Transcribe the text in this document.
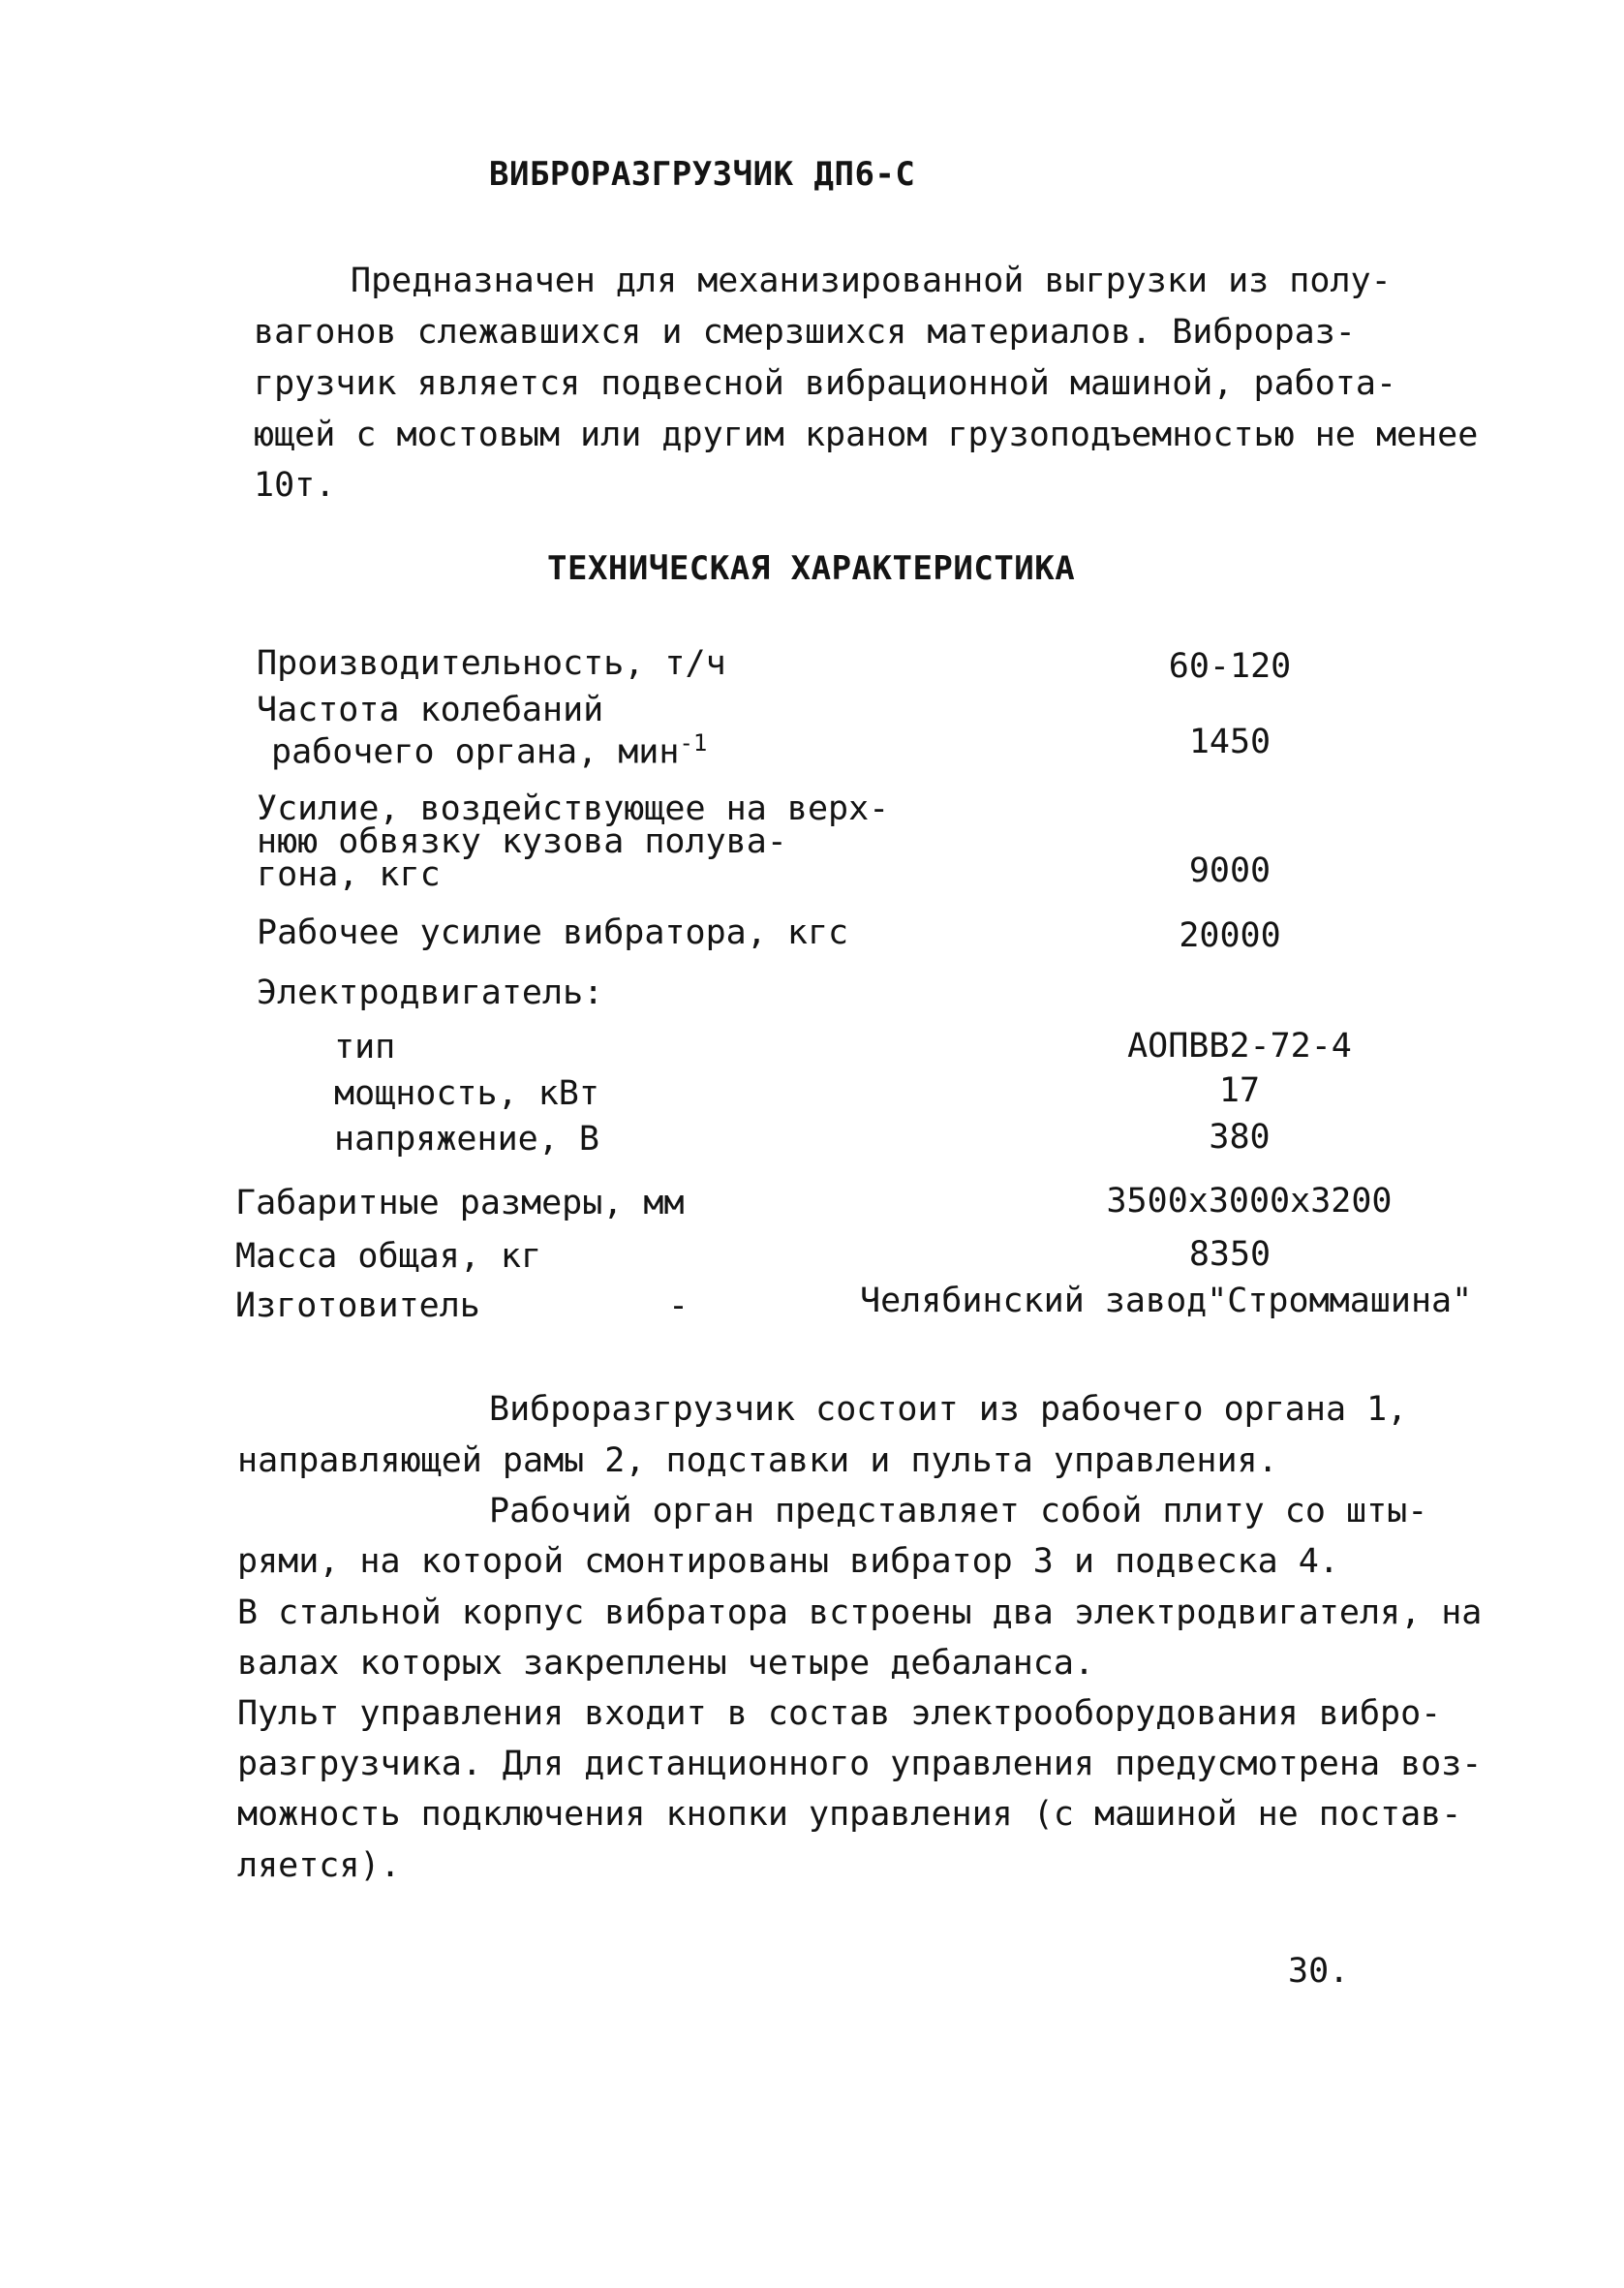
ВИБРОРАЗГРУЗЧИК ДП6-С
Предназначен для механизированной выгрузки из полу-
вагонов слежавшихся и смерзшихся материалов. Виброраз-
грузчик является подвесной вибрационной машиной, работа-
ющей с мостовым или другим краном грузоподъемностью не менее
10т.
ТЕХНИЧЕСКАЯ ХАРАКТЕРИСТИКА
Производительность, т/ч	60-120
Частота колебаний
рабочего органа, мин$^{-1}$	1450
Усилие, воздействующее на верх-
нюю обвязку кузова полува-
гона, кгс	9000
Рабочее усилие вибратора, кгс	20000
Электродвигатель:
тип	АОПВВ2-72-4
мощность, кВт	17
напряжение, В	380
Габаритные размеры, мм	3500x3000x3200
Масса общая, кг	8350
Изготовитель	-	Челябинский завод"Строммашина"
Виброразгрузчик состоит из рабочего органа 1,
направляющей рамы 2, подставки и пульта управления.
Рабочий орган представляет собой плиту со шты-
рями, на которой смонтированы вибратор 3 и подвеска 4.
В стальной корпус вибратора встроены два электродвигателя, на
валах которых закреплены четыре дебаланса.
Пульт управления входит в состав электрооборудования вибро-
разгрузчика. Для дистанционного управления предусмотрена воз-
можность подключения кнопки управления (с машиной не постав-
ляется).
30.
